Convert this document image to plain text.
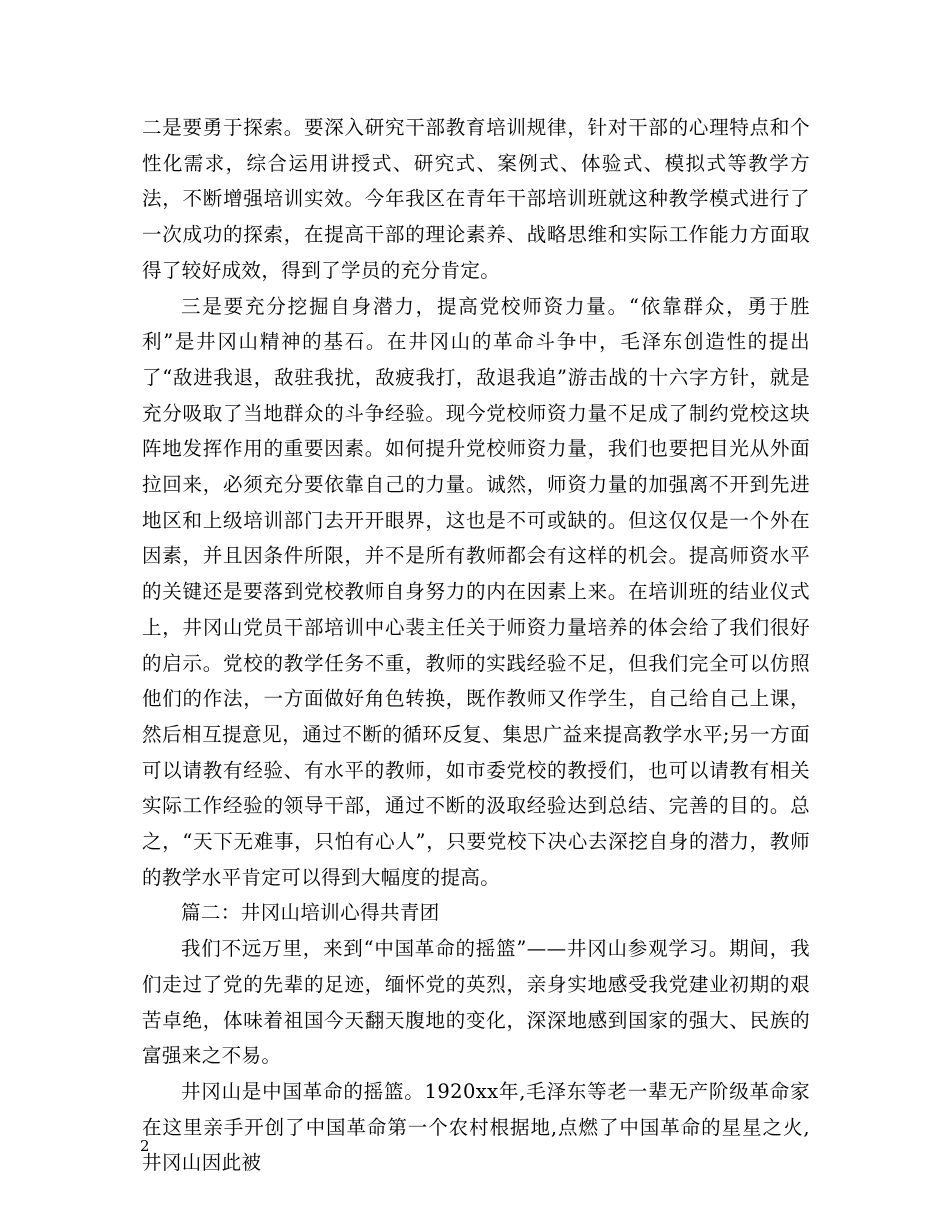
二是要勇于探索。要深入研究干部教育培训规律，针对干部的心理特点和个性化需求，综合运用讲授式、研究式、案例式、体验式、模拟式等教学方法，不断增强培训实效。今年我区在青年干部培训班就这种教学模式进行了一次成功的探索，在提高干部的理论素养、战略思维和实际工作能力方面取得了较好成效，得到了学员的充分肯定。

三是要充分挖掘自身潜力，提高党校师资力量。“依靠群众，勇于胜利”是井冈山精神的基石。在井冈山的革命斗争中，毛泽东创造性的提出了“敌进我退，敌驻我扰，敌疲我打，敌退我追”游击战的十六字方针，就是充分吸取了当地群众的斗争经验。现今党校师资力量不足成了制约党校这块阵地发挥作用的重要因素。如何提升党校师资力量，我们也要把目光从外面拉回来，必须充分要依靠自己的力量。诚然，师资力量的加强离不开到先进地区和上级培训部门去开开眼界，这也是不可或缺的。但这仅仅是一个外在因素，并且因条件所限，并不是所有教师都会有这样的机会。提高师资水平的关键还是要落到党校教师自身努力的内在因素上来。在培训班的结业仪式上，井冈山党员干部培训中心裴主任关于师资力量培养的体会给了我们很好的启示。党校的教学任务不重，教师的实践经验不足，但我们完全可以仿照他们的作法，一方面做好角色转换，既作教师又作学生，自己给自己上课，然后相互提意见，通过不断的循环反复、集思广益来提高教学水平;另一方面可以请教有经验、有水平的教师，如市委党校的教授们，也可以请教有相关实际工作经验的领导干部，通过不断的汲取经验达到总结、完善的目的。总之，“天下无难事，只怕有心人”，只要党校下决心去深挖自身的潜力，教师的教学水平肯定可以得到大幅度的提高。

篇二：井冈山培训心得共青团

我们不远万里，来到“中国革命的摇篮”——井冈山参观学习。期间，我们走过了党的先辈的足迹，缅怀党的英烈，亲身实地感受我党建业初期的艰苦卓绝，体味着祖国今天翻天腹地的变化，深深地感到国家的强大、民族的富强来之不易。

井冈山是中国革命的摇篮。1920xx年,毛泽东等老一辈无产阶级革命家在这里亲手开创了中国革命第一个农村根据地,点燃了中国革命的星星之火,井冈山因此被

2
